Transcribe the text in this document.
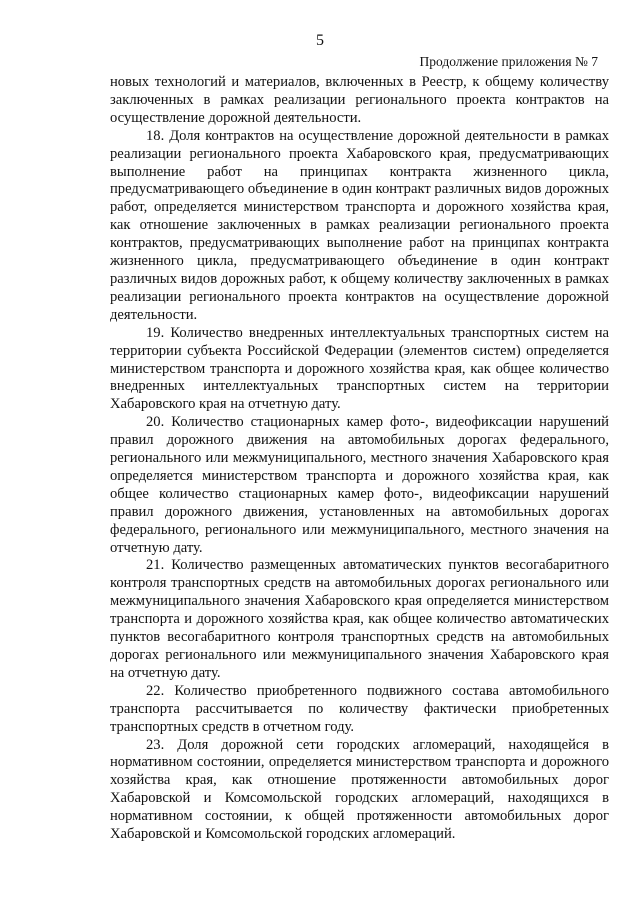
5
Продолжение приложения № 7

новых технологий и материалов, включенных в Реестр, к общему количеству заключенных в рамках реализации регионального проекта контрактов на осуществление дорожной деятельности.

18. Доля контрактов на осуществление дорожной деятельности в рамках реализации регионального проекта Хабаровского края, предусматривающих выполнение работ на принципах контракта жизненного цикла, предусматривающего объединение в один контракт различных видов дорожных работ, определяется министерством транспорта и дорожного хозяйства края, как отношение заключенных в рамках реализации регионального проекта контрактов, предусматривающих выполнение работ на принципах контракта жизненного цикла, предусматривающего объединение в один контракт различных видов дорожных работ, к общему количеству заключенных в рамках реализации регионального проекта контрактов на осуществление дорожной деятельности.

19. Количество внедренных интеллектуальных транспортных систем на территории субъекта Российской Федерации (элементов систем) определяется министерством транспорта и дорожного хозяйства края, как общее количество внедренных интеллектуальных транспортных систем на территории Хабаровского края на отчетную дату.

20. Количество стационарных камер фото-, видеофиксации нарушений правил дорожного движения на автомобильных дорогах федерального, регионального или межмуниципального, местного значения Хабаровского края определяется министерством транспорта и дорожного хозяйства края, как общее количество стационарных камер фото-, видеофиксации нарушений правил дорожного движения, установленных на автомобильных дорогах федерального, регионального или межмуниципального, местного значения на отчетную дату.

21. Количество размещенных автоматических пунктов весогабаритного контроля транспортных средств на автомобильных дорогах регионального или межмуниципального значения Хабаровского края определяется министерством транспорта и дорожного хозяйства края, как общее количество автоматических пунктов весогабаритного контроля транспортных средств на автомобильных дорогах регионального или межмуниципального значения Хабаровского края на отчетную дату.

22. Количество приобретенного подвижного состава автомобильного транспорта рассчитывается по количеству фактически приобретенных транспортных средств в отчетном году.

23. Доля дорожной сети городских агломераций, находящейся в нормативном состоянии, определяется министерством транспорта и дорожного хозяйства края, как отношение протяженности автомобильных дорог Хабаровской и Комсомольской городских агломераций, находящихся в нормативном состоянии, к общей протяженности автомобильных дорог Хабаровской и Комсомольской городских агломераций.
